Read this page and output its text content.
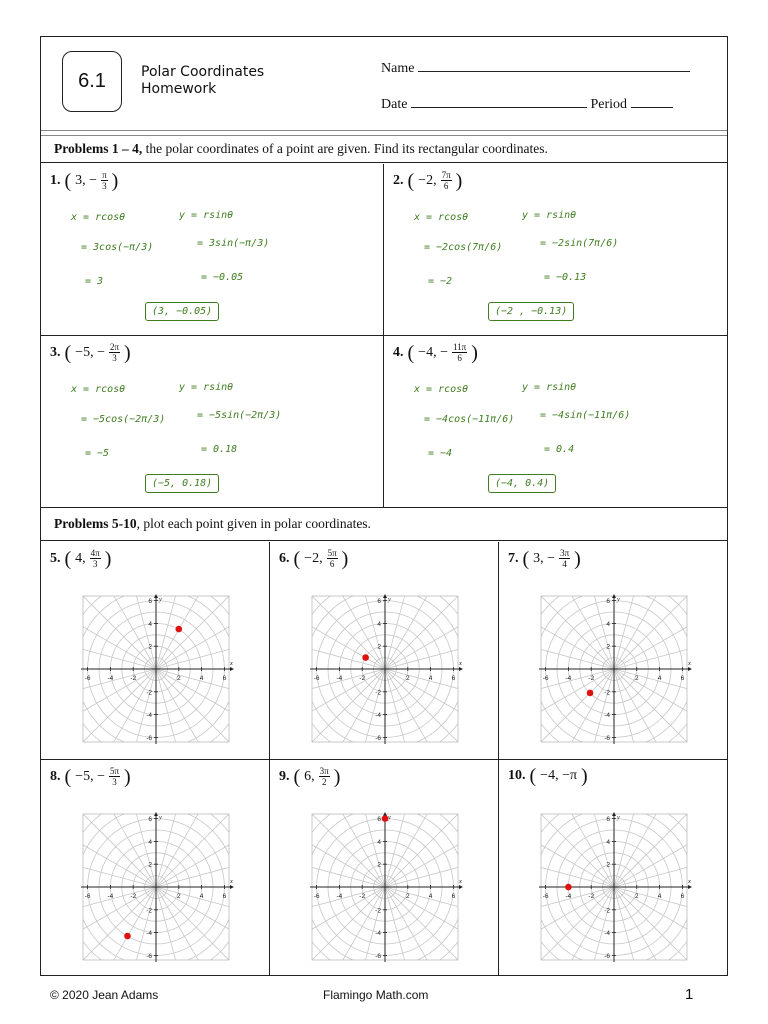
6.1	Polar Coordinates
Homework
Name
Date	Period
Problems 1 – 4, the polar coordinates of a point are given. Find its rectangular coordinates.
1. ( 3, − $\frac{\pi}{3}$ )
x = rcosθ
= 3cos(−π/3)
= 3
y = rsinθ
= 3sin(−π/3)
= −0.05
(3, −0.05)
2. ( −2, $\frac{7\pi}{6}$ )
x = rcosθ
= −2cos(7π/6)
= −2
y = rsinθ
= −2sin(7π/6)
= −0.13
(−2 , −0.13)
3. ( −5, − $\frac{2\pi}{3}$ )
x = rcosθ
= −5cos(−2π/3)
= −5
y = rsinθ
= −5sin(−2π/3)
= 0.18
(−5, 0.18)
4. ( −4, − $\frac{11\pi}{6}$ )
x = rcosθ
= −4cos(−11π/6)
= −4
y = rsinθ
= −4sin(−11π/6)
= 0.4
(−4, 0.4)
Problems 5-10, plot each point given in polar coordinates.
5. ( 4, $\frac{4\pi}{3}$ )
-6
-6
-4
-4
-2
-2
2
2
4
4
6
6
x
y
6. ( −2, $\frac{5\pi}{6}$ )
-6
-6
-4
-4
-2
-2
2
2
4
4
6
6
x
y
7. ( 3, − $\frac{3\pi}{4}$ )
-6
-6
-4
-4
-2
-2
2
2
4
4
6
6
x
y
8. ( −5, − $\frac{5\pi}{3}$ )
-6
-6
-4
-4
-2
-2
2
2
4
4
6
6
x
y
9. ( 6, $\frac{3\pi}{2}$ )
-6
-6
-4
-4
-2
-2
2
2
4
4
6
6
x
y
10. ( −4, −π )
-6
-6
-4
-4
-2
-2
2
2
4
4
6
6
x
y
© 2020 Jean Adams	Flamingo Math.com	1
